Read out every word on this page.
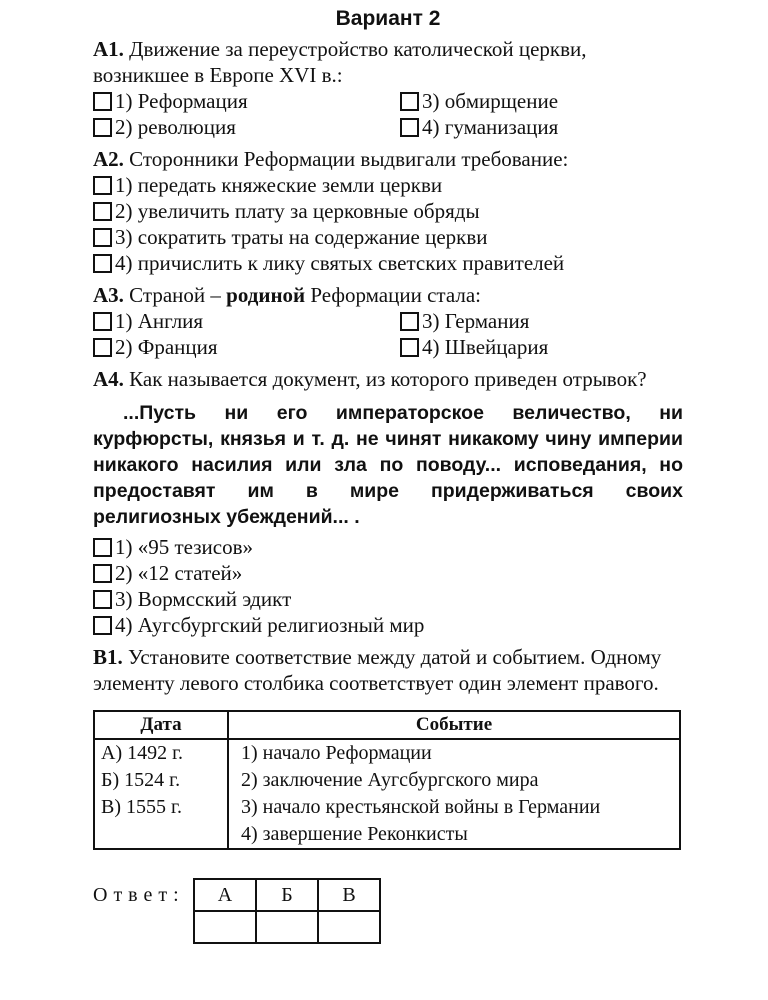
Вариант 2

А1. Движение за переустройство католической церкви, возникшее в Европе XVI в.:

1) Реформация	3) обмирщение
2) революция	4) гуманизация

А2. Сторонники Реформации выдвигали требование:

1) передать княжеские земли церкви
2) увеличить плату за церковные обряды
3) сократить траты на содержание церкви
4) причислить к лику святых светских правителей

А3. Страной – родиной Реформации стала:

1) Англия	3) Германия
2) Франция	4) Швейцария

А4. Как называется документ, из которого приведен отрывок?

...Пусть ни его императорское величество, ни курфюрсты, князья и т. д. не чинят никакому чину империи никакого насилия или зла по поводу... исповедания, но предоставят им в мире придерживаться своих религиозных убеждений... .

1) «95 тезисов»
2) «12 статей»
3) Вормсский эдикт
4) Аугсбургский религиозный мир

В1. Установите соответствие между датой и событием. Одному элементу левого столбика соответствует один элемент правого.

Дата	Событие
А) 1492 г.	1) начало Реформации
Б) 1524 г.	2) заключение Аугсбургского мира
В) 1555 г.	3) начало крестьянской войны в Германии
	4) завершение Реконкисты
Ответ:	А	Б	В
